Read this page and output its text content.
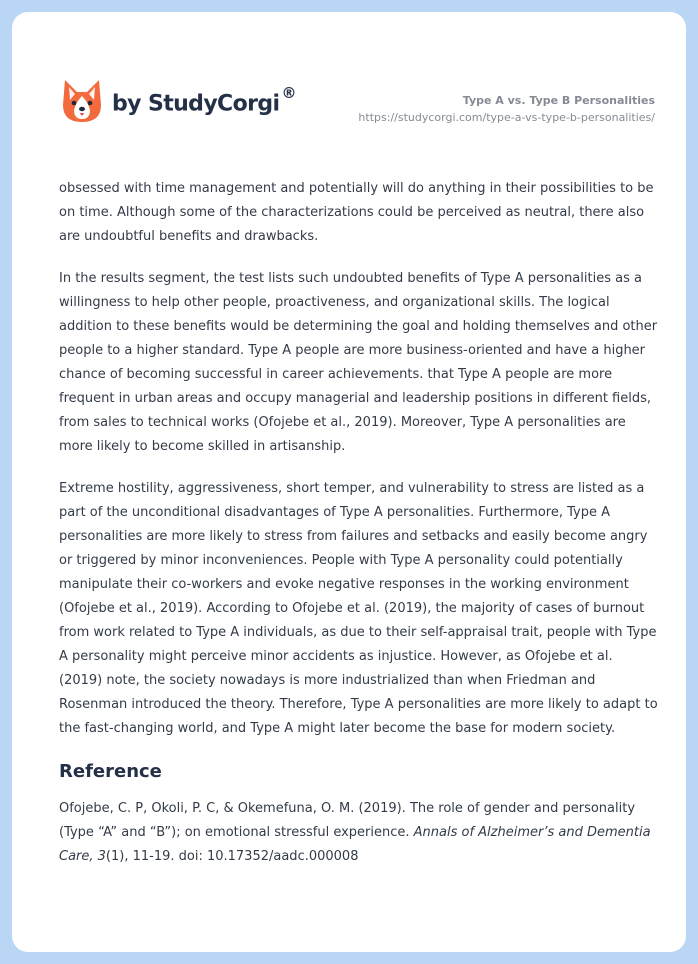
by StudyCorgi ®	Type A vs. Type B Personalities
https://studycorgi.com/type-a-vs-type-b-personalities/

obsessed with time management and potentially will do anything in their possibilities to be on time. Although some of the characterizations could be perceived as neutral, there also are undoubtful benefits and drawbacks.

In the results segment, the test lists such undoubted benefits of Type A personalities as a willingness to help other people, proactiveness, and organizational skills. The logical addition to these benefits would be determining the goal and holding themselves and other people to a higher standard. Type A people are more business-oriented and have a higher chance of becoming successful in career achievements. that Type A people are more frequent in urban areas and occupy managerial and leadership positions in different fields, from sales to technical works (Ofojebe et al., 2019). Moreover, Type A personalities are more likely to become skilled in artisanship.

Extreme hostility, aggressiveness, short temper, and vulnerability to stress are listed as a part of the unconditional disadvantages of Type A personalities. Furthermore, Type A personalities are more likely to stress from failures and setbacks and easily become angry or triggered by minor inconveniences. People with Type A personality could potentially manipulate their co-workers and evoke negative responses in the working environment (Ofojebe et al., 2019). According to Ofojebe et al. (2019), the majority of cases of burnout from work related to Type A individuals, as due to their self-appraisal trait, people with Type A personality might perceive minor accidents as injustice. However, as Ofojebe et al. (2019) note, the society nowadays is more industrialized than when Friedman and Rosenman introduced the theory. Therefore, Type A personalities are more likely to adapt to the fast-changing world, and Type A might later become the base for modern society.

Reference

Ofojebe, C. P, Okoli, P. C, & Okemefuna, O. M. (2019). The role of gender and personality (Type “A” and “B”); on emotional stressful experience. Annals of Alzheimer’s and Dementia Care, 3(1), 11-19. doi: 10.17352/aadc.000008
